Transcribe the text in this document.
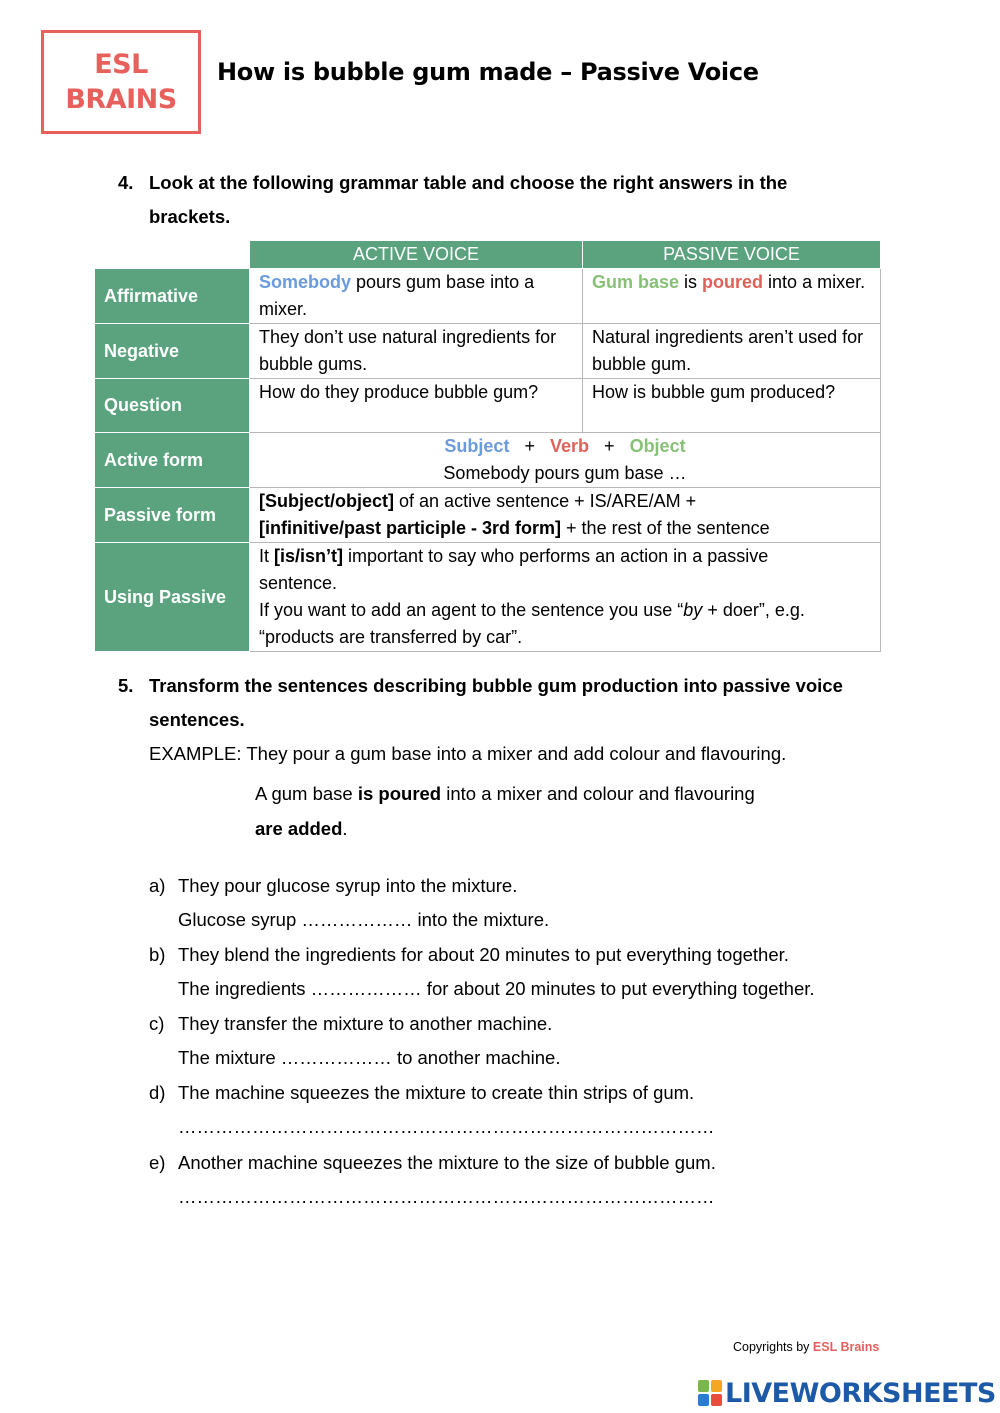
ESL
BRAINS
How is bubble gum made – Passive Voice
4. Look at the following grammar table and choose the right answers in the brackets.
	ACTIVE VOICE	PASSIVE VOICE
Affirmative	Somebody pours gum base into a mixer.	Gum base is poured into a mixer.
Negative	They don’t use natural ingredients for bubble gums.	Natural ingredients aren’t used for bubble gum.
Question	How do they produce bubble gum?	How is bubble gum produced?
Active form	Subject + Verb + Object
Somebody pours gum base …	

Passive form	[Subject/object] of an active sentence + IS/ARE/AM +
[infinitive/past participle - 3rd form] + the rest of the sentence	

Using Passive	It [is/isn’t] important to say who performs an action in a passive sentence.
If you want to add an agent to the sentence you use “by + doer”, e.g. “products are transferred by car”.	
5. Transform the sentences describing bubble gum production into passive voice sentences.
EXAMPLE: They pour a gum base into a mixer and add colour and flavouring.
A gum base is poured into a mixer and colour and flavouring
are added.
a) They pour glucose syrup into the mixture.
Glucose syrup ……………… into the mixture.
b) They blend the ingredients for about 20 minutes to put everything together.
The ingredients ……………… for about 20 minutes to put everything together.
c) They transfer the mixture to another machine.
The mixture ……………… to another machine.
d) The machine squeezes the mixture to create thin strips of gum.
……………………………………………………………………………
e) Another machine squeezes the mixture to the size of bubble gum.
……………………………………………………………………………
Copyrights by ESL Brains
LIVEWORKSHEETS
